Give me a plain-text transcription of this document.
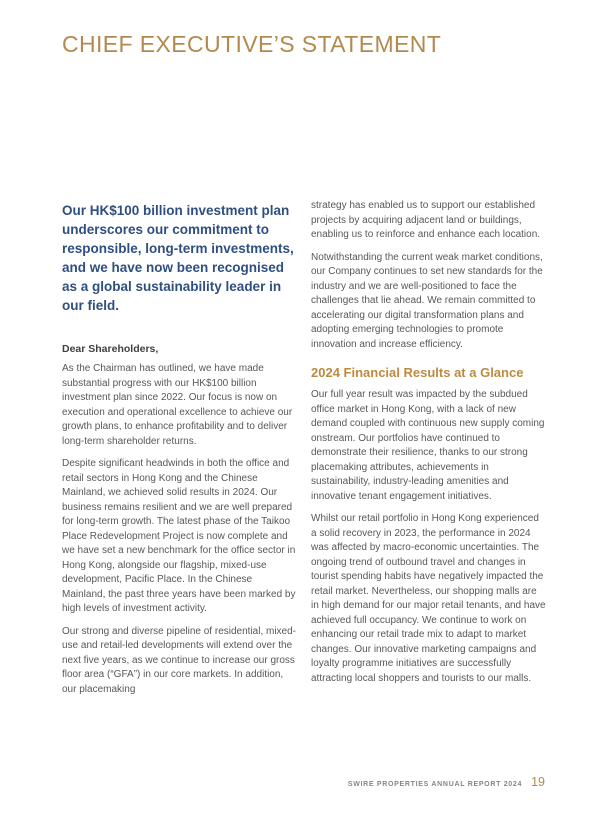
CHIEF EXECUTIVE’S STATEMENT

Our HK$100 billion investment plan underscores our commitment to responsible, long-term investments, and we have now been recognised as a global sustainability leader in our field.

Dear Shareholders,

As the Chairman has outlined, we have made substantial progress with our HK$100 billion investment plan since 2022. Our focus is now on execution and operational excellence to achieve our growth plans, to enhance profitability and to deliver long-term shareholder returns.

Despite significant headwinds in both the office and retail sectors in Hong Kong and the Chinese Mainland, we achieved solid results in 2024. Our business remains resilient and we are well prepared for long-term growth. The latest phase of the Taikoo Place Redevelopment Project is now complete and we have set a new benchmark for the office sector in Hong Kong, alongside our flagship, mixed-use development, Pacific Place. In the Chinese Mainland, the past three years have been marked by high levels of investment activity.

Our strong and diverse pipeline of residential, mixed-use and retail-led developments will extend over the next five years, as we continue to increase our gross floor area (“GFA”) in our core markets. In addition, our placemaking

strategy has enabled us to support our established projects by acquiring adjacent land or buildings, enabling us to reinforce and enhance each location.

Notwithstanding the current weak market conditions, our Company continues to set new standards for the industry and we are well-positioned to face the challenges that lie ahead. We remain committed to accelerating our digital transformation plans and adopting emerging technologies to promote innovation and increase efficiency.

2024 Financial Results at a Glance

Our full year result was impacted by the subdued office market in Hong Kong, with a lack of new demand coupled with continuous new supply coming onstream. Our portfolios have continued to demonstrate their resilience, thanks to our strong placemaking attributes, achievements in sustainability, industry-leading amenities and innovative tenant engagement initiatives.

Whilst our retail portfolio in Hong Kong experienced a solid recovery in 2023, the performance in 2024 was affected by macro-economic uncertainties. The ongoing trend of outbound travel and changes in tourist spending habits have negatively impacted the retail market. Nevertheless, our shopping malls are in high demand for our major retail tenants, and have achieved full occupancy. We continue to work on enhancing our retail trade mix to adapt to market changes. Our innovative marketing campaigns and loyalty programme initiatives are successfully attracting local shoppers and tourists to our malls.

SWIRE PROPERTIES ANNUAL REPORT 2024 19
